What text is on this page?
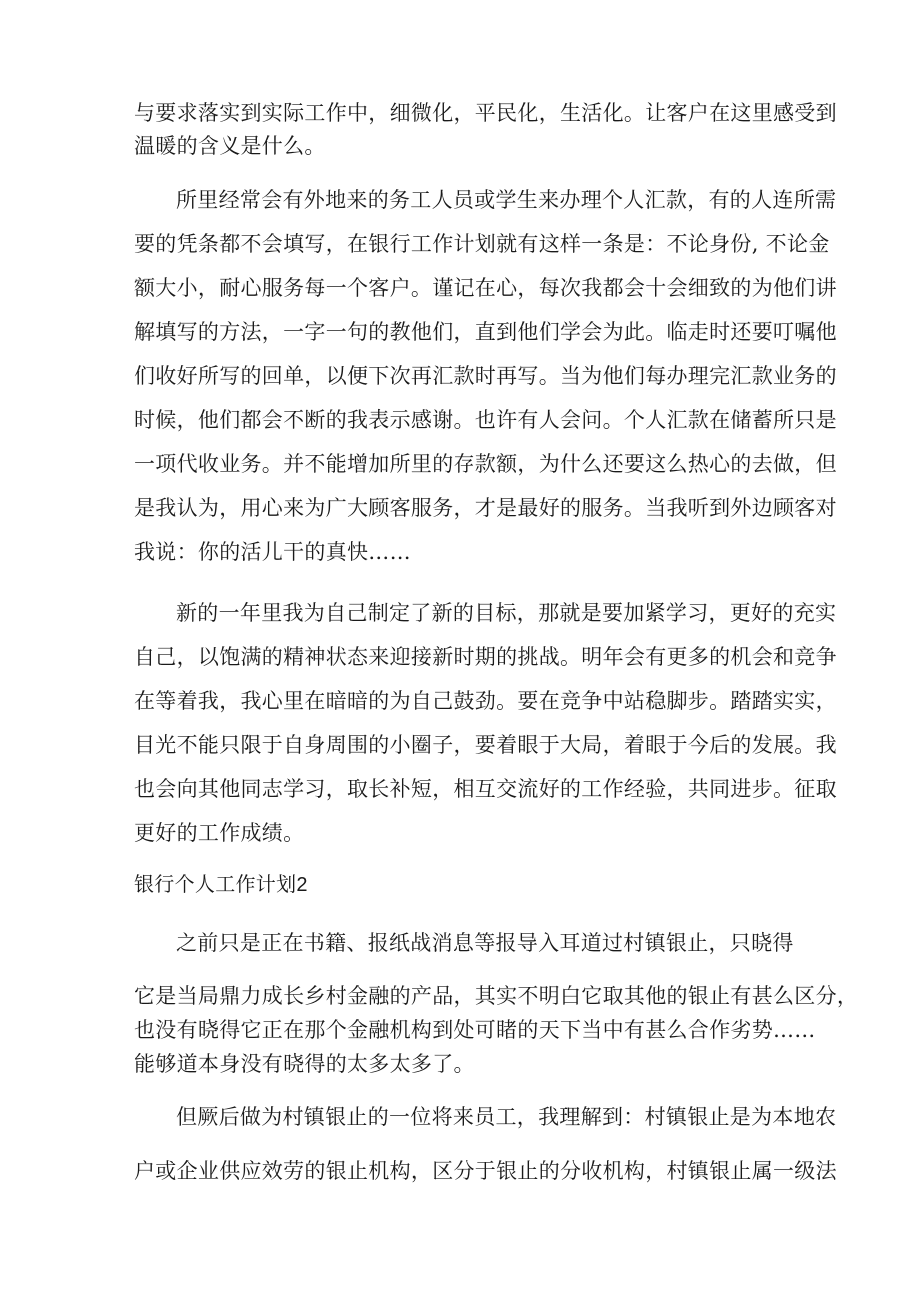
与要求落实到实际工作中，细微化，平民化，生活化。让客户在这里感受到
温暖的含义是什么。
所里经常会有外地来的务工人员或学生来办理个人汇款，有的人连所需
要的凭条都不会填写，在银行工作计划就有这样一条是：不论身份, 不论金
额大小，耐心服务每一个客户。谨记在心，每次我都会十会细致的为他们讲
解填写的方法，一字一句的教他们，直到他们学会为此。临走时还要叮嘱他
们收好所写的回单，以便下次再汇款时再写。当为他们每办理完汇款业务的
时候，他们都会不断的我表示感谢。也许有人会问。个人汇款在储蓄所只是
一项代收业务。并不能增加所里的存款额，为什么还要这么热心的去做，但
是我认为，用心来为广大顾客服务，才是最好的服务。当我听到外边顾客对
我说：你的活儿干的真快……
新的一年里我为自己制定了新的目标，那就是要加紧学习，更好的充实
自己，以饱满的精神状态来迎接新时期的挑战。明年会有更多的机会和竞争
在等着我，我心里在暗暗的为自己鼓劲。要在竞争中站稳脚步。踏踏实实，
目光不能只限于自身周围的小圈子，要着眼于大局，着眼于今后的发展。我
也会向其他同志学习，取长补短，相互交流好的工作经验，共同进步。征取
更好的工作成绩。
银行个人工作计划2
之前只是正在书籍、报纸战消息等报导入耳道过村镇银止，只晓得
它是当局鼎力成长乡村金融的产品，其实不明白它取其他的银止有甚么区分，
也没有晓得它正在那个金融机构到处可睹的天下当中有甚么合作劣势……
能够道本身没有晓得的太多太多了。
但厥后做为村镇银止的一位将来员工，我理解到：村镇银止是为本地农
户或企业供应效劳的银止机构，区分于银止的分收机构，村镇银止属一级法
